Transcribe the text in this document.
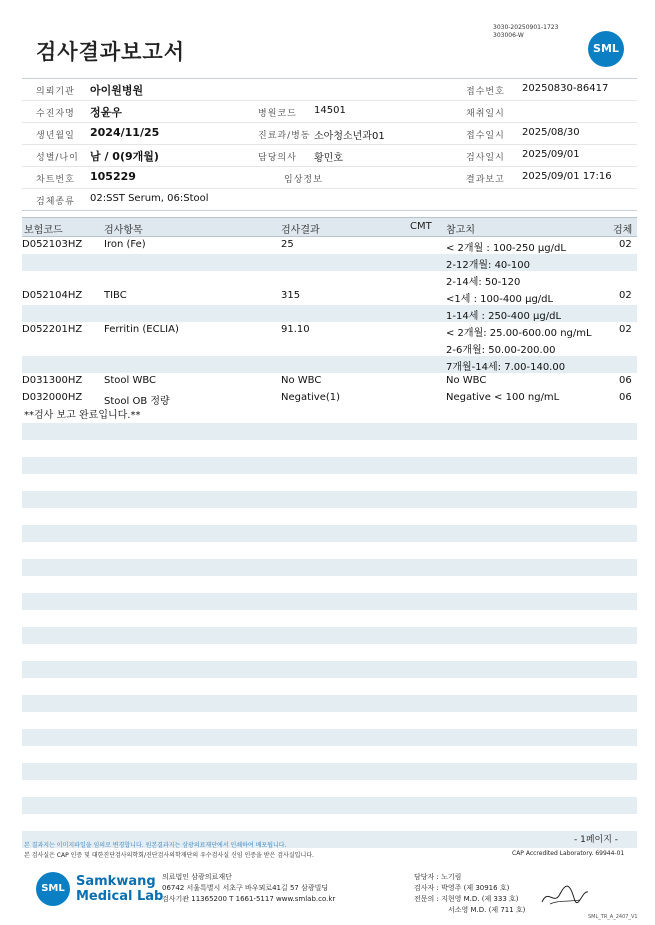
검사결과보고서
3030-20250901-1723
303006-W
SML
의뢰기관 아이원병원	접수번호 20250830-86417
수진자명 정윤우	병원코드 14501	채취일시
생년월일 2024/11/25	진료과/병동 소아청소년과01	접수일시 2025/08/30
성별/나이 남 / 0(9개월)	담당의사 황민호	검사일시 2025/09/01
차트번호 105229	임상정보	결과보고 2025/09/01 17:16
검체종류 02:SST Serum, 06:Stool
보험코드	검사항목	검사결과	CMT 참고치	검체
D052103HZ Iron (Fe)	25	< 2개월 : 100-250 µg/dL	02
2-12개월: 40-100
2-14세: 50-120
D052104HZ TIBC	315	<1세 : 100-400 µg/dL	02
1-14세 : 250-400 µg/dL
D052201HZ Ferritin (ECLIA)	91.10	< 2개월: 25.00-600.00 ng/mL	02
2-6개월: 50.00-200.00
7개월-14세: 7.00-140.00
D031300HZ Stool WBC	No WBC	No WBC	06
D032000HZ Stool OB 정량	Negative(1)	Negative < 100 ng/mL	06
**검사 보고 완료입니다.**
- 1페이지 -
본 결과지는 이미지파일을 임의로 변경합니다. 원본결과지는 삼광의료재단에서 인쇄하여 배포됩니다.
본 검사실은 CAP 인증 및 대한진단검사의학회/진단검사의학재단의 우수검사실 신임 인증을 받은 검사실입니다.	CAP Accredited Laboratory. 69944-01
SML Samkwang
Medical Lab
의료법인 삼광의료재단
06742 서울특별시 서초구 바우뫼로41길 57 삼광빌딩
검사기관 11365200 T 1661-5117 www.smlab.co.kr
담당자 : 노기림
검사자 : 박영주 (제 30916 호)
전문의 : 지현영 M.D. (제 333 호)
서소영 M.D. (제 711 호)
SML_TR_A_2407_V1
